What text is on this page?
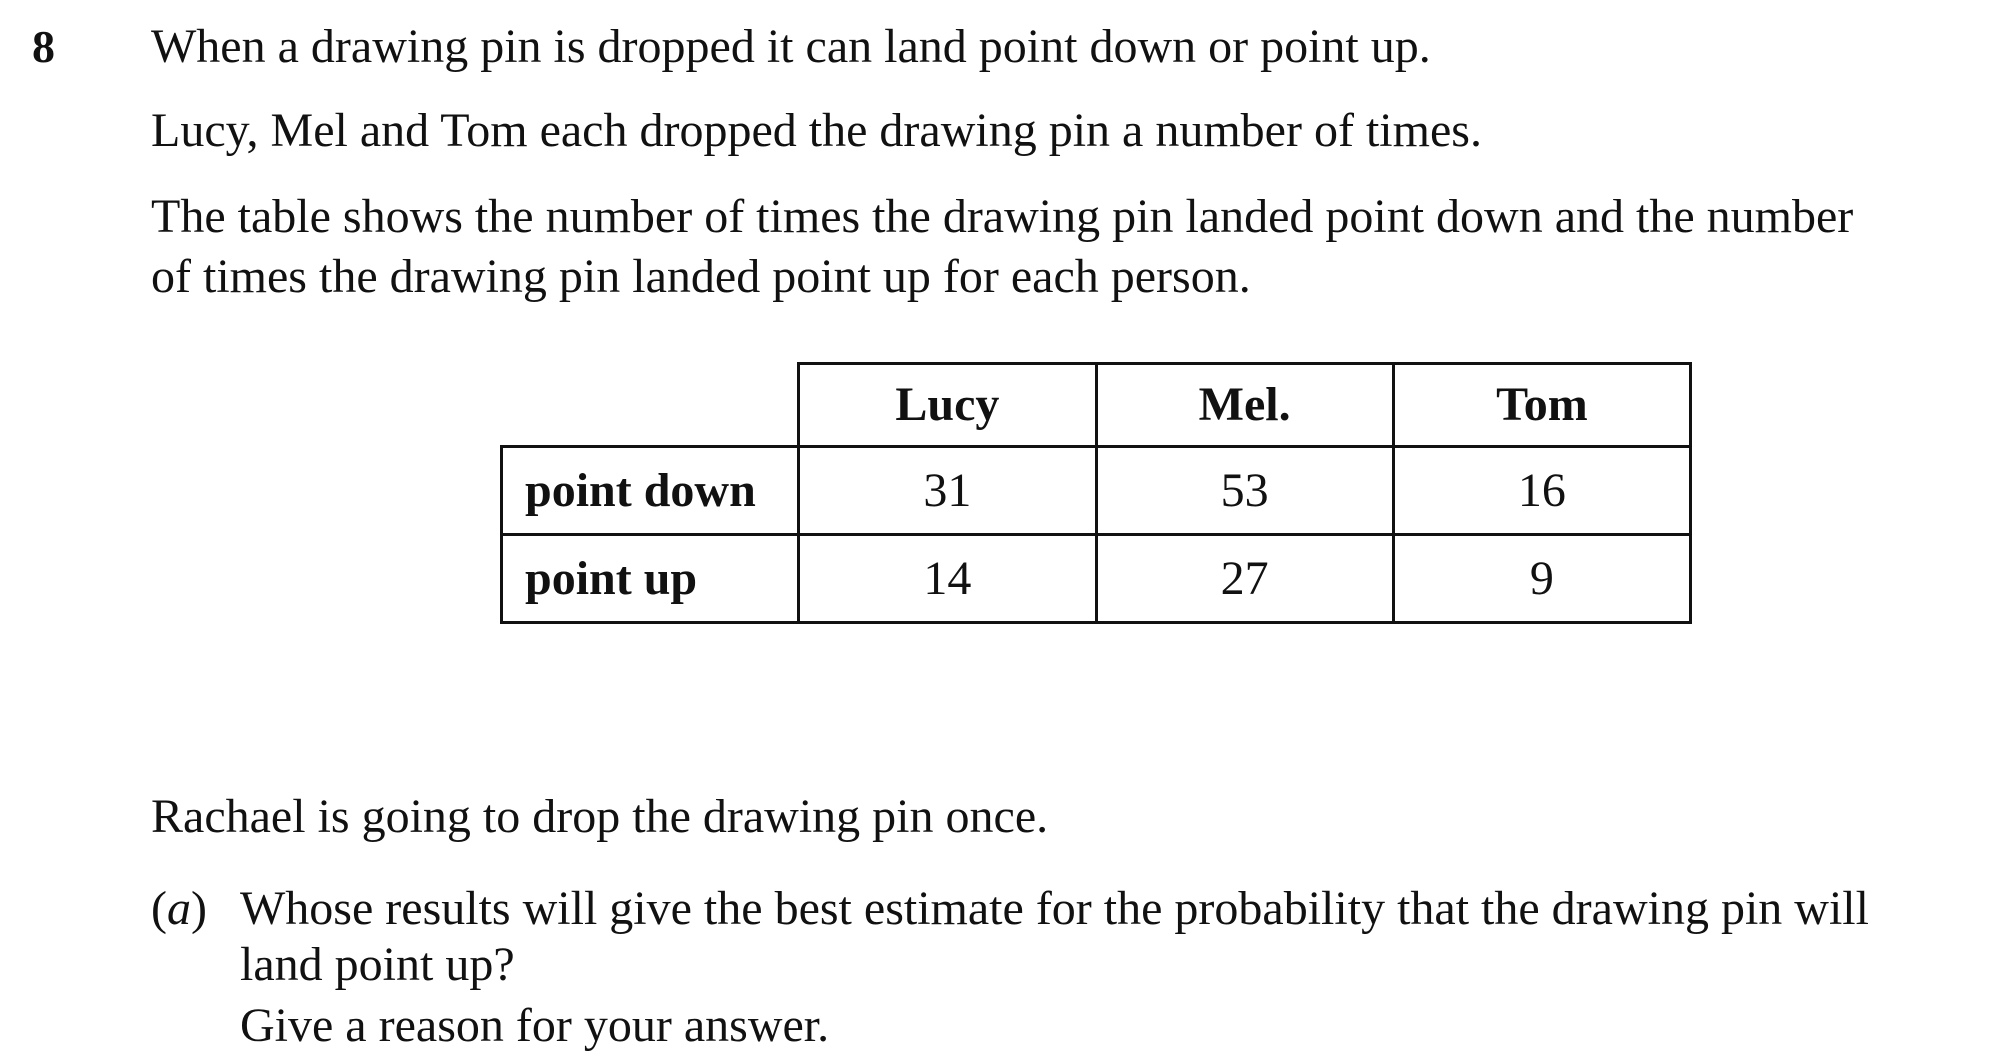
8 When a drawing pin is dropped it can land point down or point up.
Lucy, Mel and Tom each dropped the drawing pin a number of times.
The table shows the number of times the drawing pin landed point down and the number
of times the drawing pin landed point up for each person.
	Lucy	Mel.	Tom
point down	31	53	16
point up	14	27	9
Rachael is going to drop the drawing pin once.
(a) Whose results will give the best estimate for the probability that the drawing pin will
land point up?
Give a reason for your answer.
